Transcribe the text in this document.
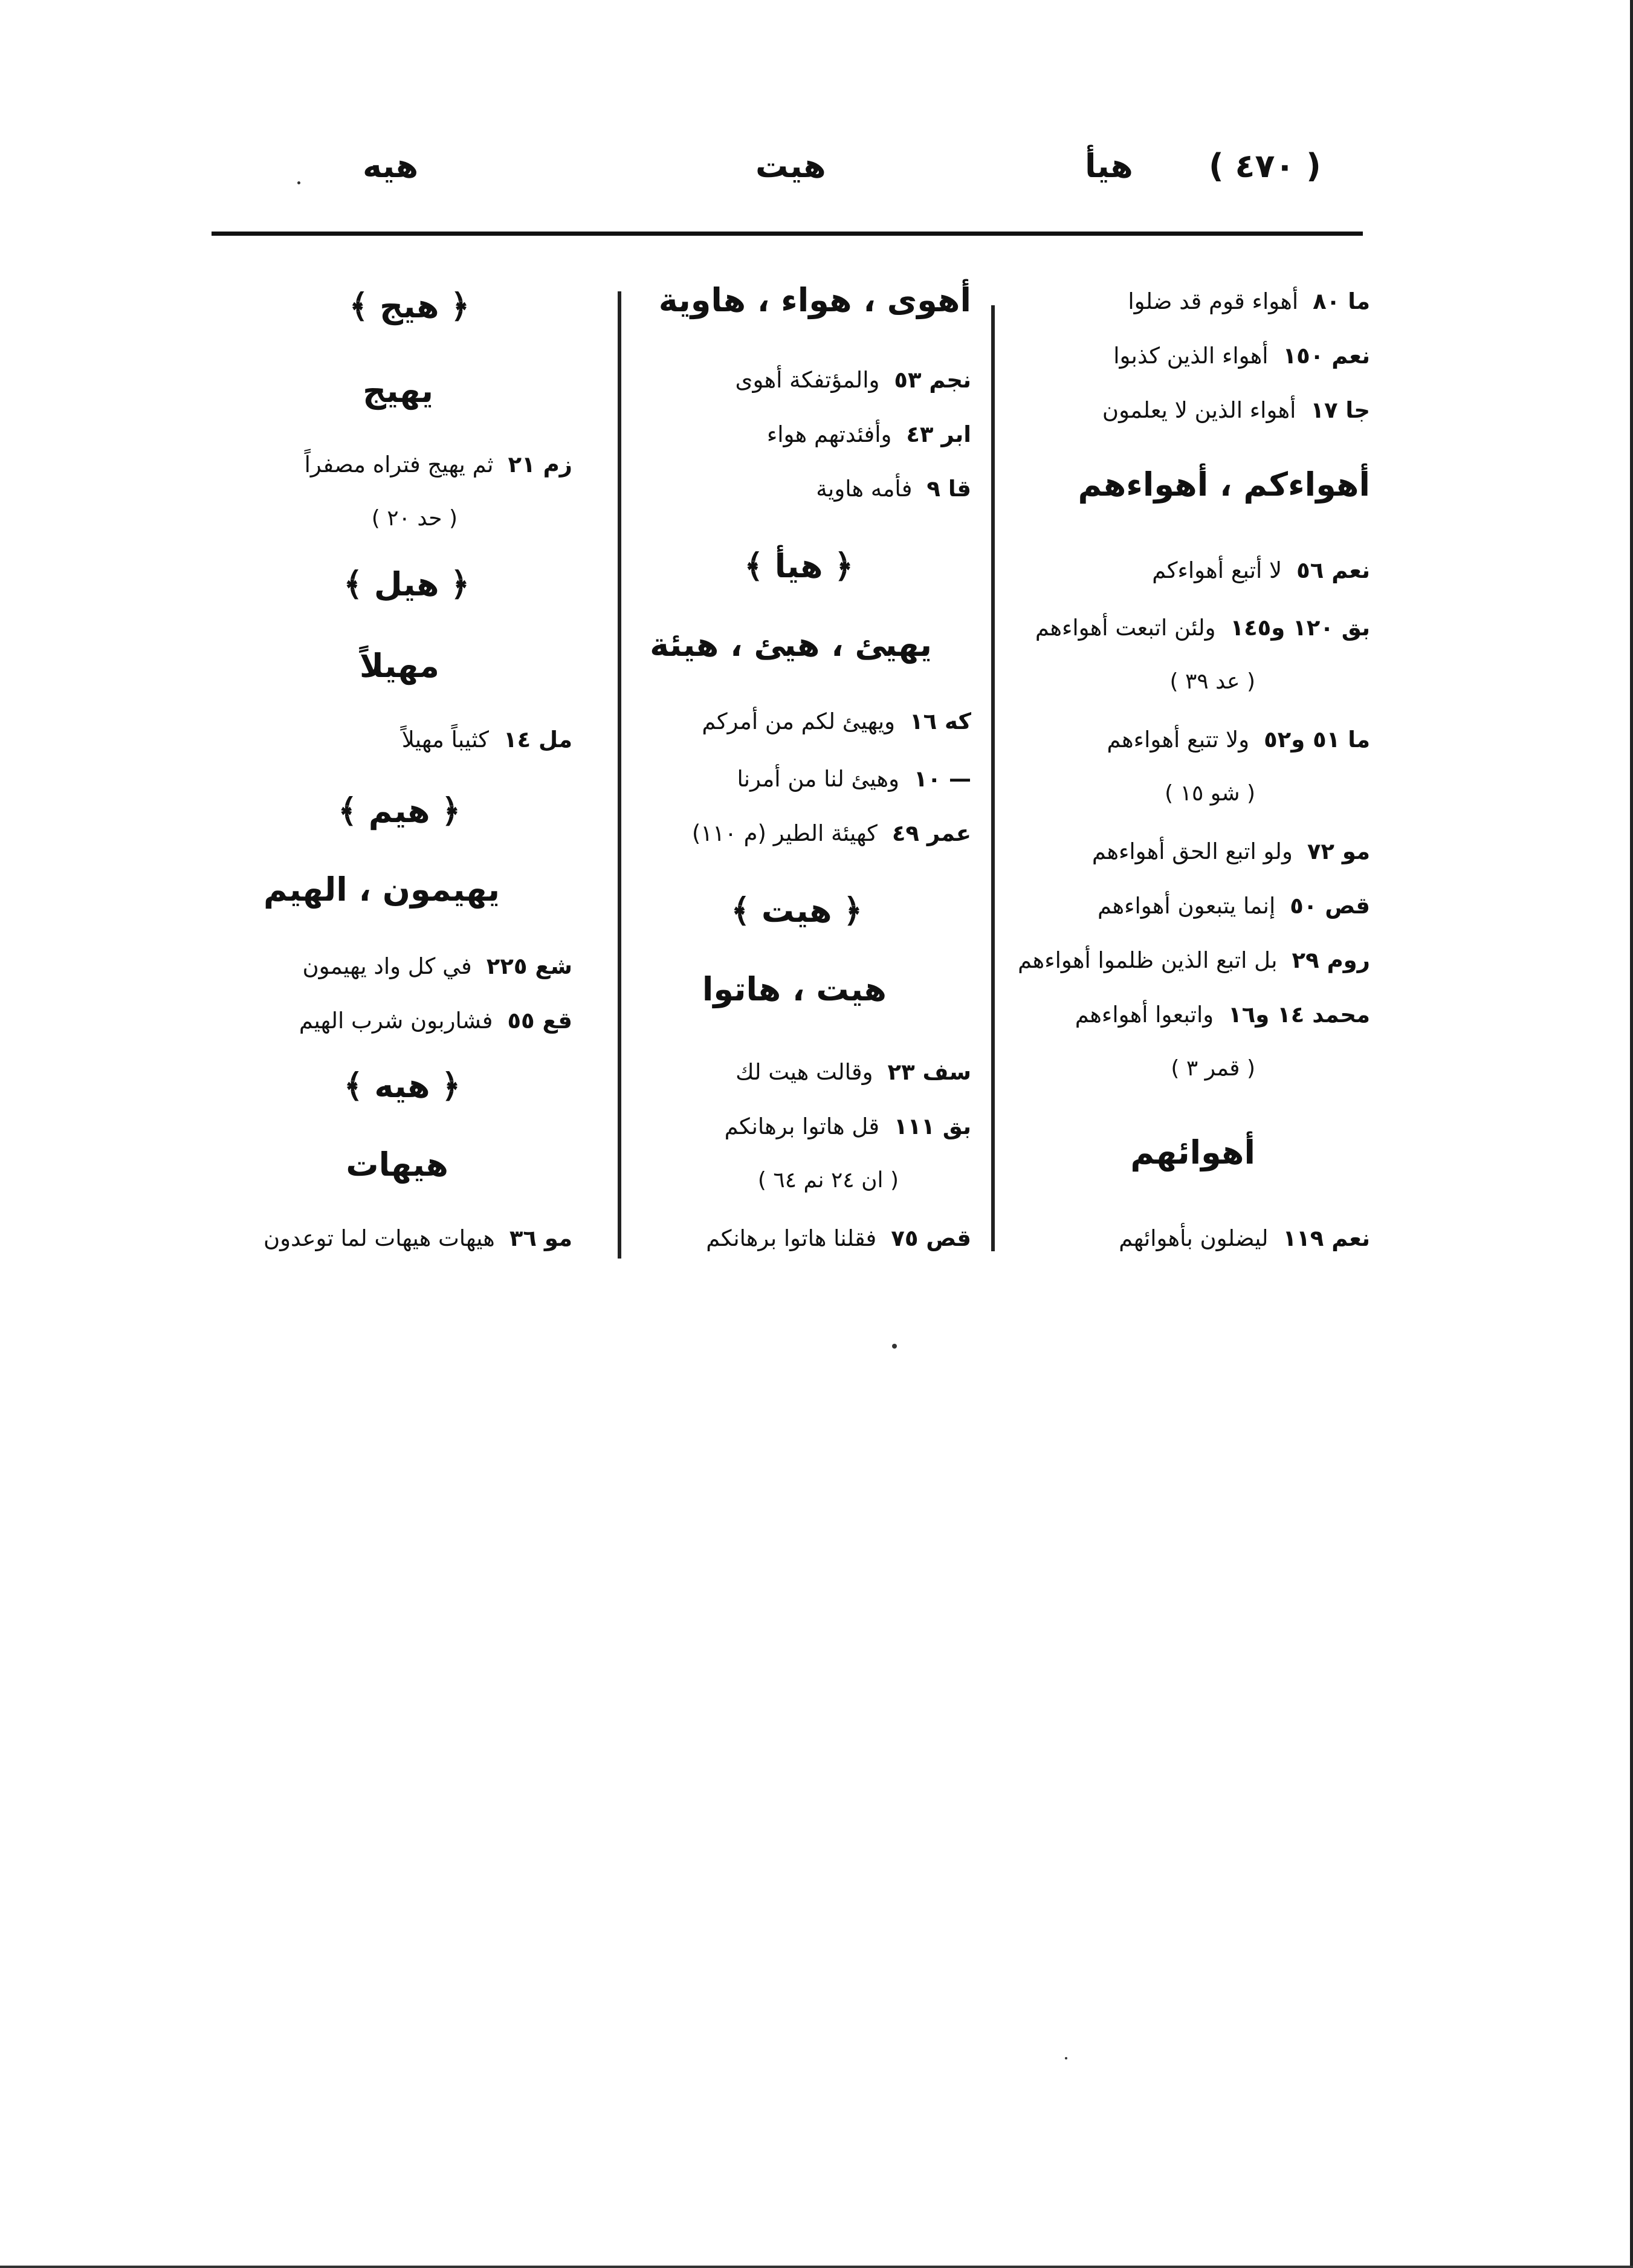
( ٤٧٠ )
هيأ
هيت
هيه
ما ٨٠أهواء قوم قد ضلوا
نعم ١٥٠أهواء الذين كذبوا
جا ١٧أهواء الذين لا يعلمون
أهواءكم ، أهواءهم
نعم ٥٦لا أتبع أهواءكم
بق ١٢٠ و١٤٥ولئن اتبعت أهواءهم
( عد ٣٩ )
ما ٥١ و٥٢ولا تتبع أهواءهم
( شو ١٥ )
مو ٧٢ولو اتبع الحق أهواءهم
قص ٥٠إنما يتبعون أهواءهم
روم ٢٩بل اتبع الذين ظلموا أهواءهم
محمد ١٤ و١٦واتبعوا أهواءهم
( قمر ٣ )
أهوائهم
نعم ١١٩ليضلون بأهوائهم
أهوى ، هواء ، هاوية
نجم ٥٣والمؤتفكة أهوى
ابر ٤٣وأفئدتهم هواء
قا ٩فأمه هاوية
﴿ هيأ ﴾
يهيئ ، هيئ ، هيئة
كه ١٦ويهيئ لكم من أمركم
— ١٠وهيئ لنا من أمرنا
عمر ٤٩كهيئة الطير (م ١١٠)
﴿ هيت ﴾
هيت ، هاتوا
سف ٢٣وقالت هيت لك
بق ١١١قل هاتوا برهانكم
( ان ٢٤ نم ٦٤ )
قص ٧٥فقلنا هاتوا برهانكم
﴿ هيج ﴾
يهيج
زم ٢١ثم يهيج فتراه مصفراً
( حد ٢٠ )
﴿ هيل ﴾
مهيلاً
مل ١٤كثيباً مهيلاً
﴿ هيم ﴾
يهيمون ، الهيم
شع ٢٢٥في كل واد يهيمون
قع ٥٥فشاربون شرب الهيم
﴿ هيه ﴾
هيهات
مو ٣٦هيهات هيهات لما توعدون
